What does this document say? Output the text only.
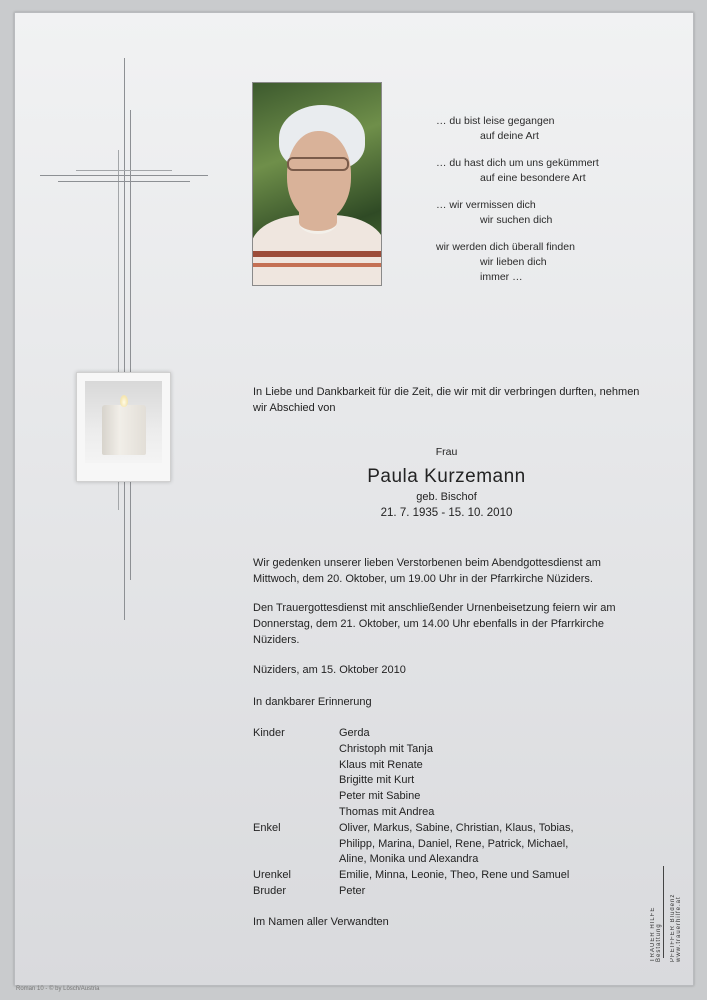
… du bist leise gegangen
auf deine Art
… du hast dich um uns gekümmert
auf eine besondere Art
… wir vermissen dich
wir suchen dich
wir werden dich überall finden
wir lieben dich
immer …
In Liebe und Dankbarkeit für die Zeit, die wir mit dir verbringen durften, nehmen wir Abschied von
Frau
Paula Kurzemann
geb. Bischof
21. 7. 1935 - 15. 10. 2010
Wir gedenken unserer lieben Verstorbenen beim Abendgottesdienst am Mittwoch, dem 20. Oktober, um 19.00 Uhr in der Pfarrkirche Nüziders.
Den Trauergottesdienst mit anschließender Urnenbeisetzung feiern wir am Donnerstag, dem 21. Oktober, um 14.00 Uhr ebenfalls in der Pfarrkirche Nüziders.
Nüziders, am 15. Oktober 2010
In dankbarer Erinnerung
Kinder	Gerda
Christoph mit Tanja
Klaus mit Renate
Brigitte mit Kurt
Peter mit Sabine
Thomas mit Andrea
Enkel	Oliver, Markus, Sabine, Christian, Klaus, Tobias,
Philipp, Marina, Daniel, Rene, Patrick, Michael,
Aline, Monika und Alexandra
Urenkel	Emilie, Minna, Leonie, Theo, Rene und Samuel
Bruder	Peter
Im Namen aller Verwandten	TRAUER HILFE Bestattung PFEIFFER Bludenz www.trauerhilfe.at
Roman 10 - © by Lösch/Austria
